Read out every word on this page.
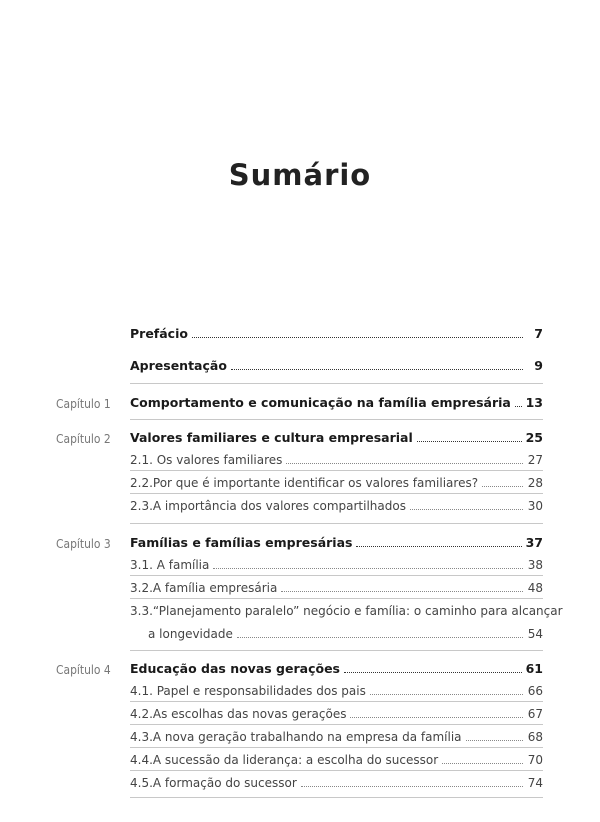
Sumário
Prefácio	7
Apresentação	9
Capítulo 1	Comportamento e comunicação na família empresária 13
Capítulo 2	Valores familiares e cultura empresarial	25
2.1. Os valores familiares	27
2.2.Por que é importante identificar os valores familiares?	28
2.3.A importância dos valores compartilhados	30
Capítulo 3	Famílias e famílias empresárias	37
3.1. A família	38
3.2.A família empresária	48
3.3.“Planejamento paralelo” negócio e família: o caminho para alcançar
a longevidade	54
Capítulo 4	Educação das novas gerações	61
4.1. Papel e responsabilidades dos pais	66
4.2.As escolhas das novas gerações	67
4.3.A nova geração trabalhando na empresa da família	68
4.4.A sucessão da liderança: a escolha do sucessor	70
4.5.A formação do sucessor	74
